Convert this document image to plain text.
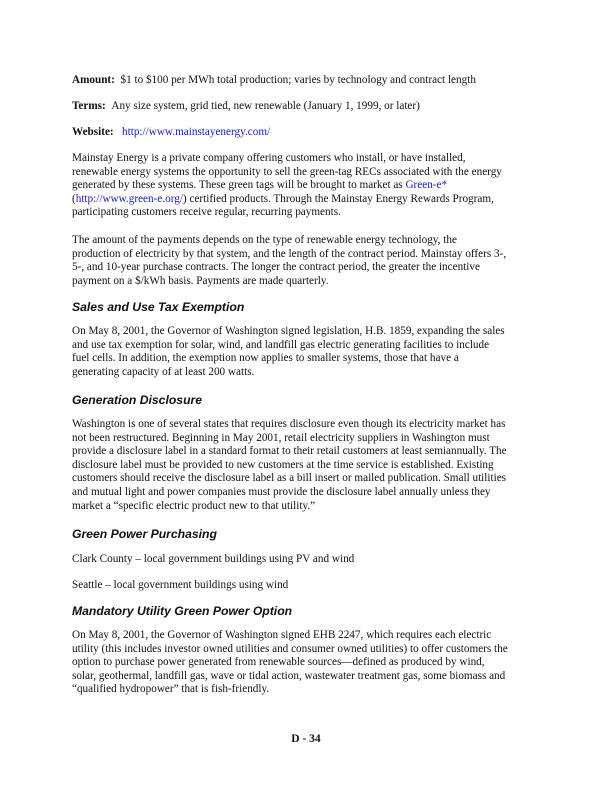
Amount: $1 to $100 per MWh total production; varies by technology and contract length
Terms: Any size system, grid tied, new renewable (January 1, 1999, or later)
Website: http://www.mainstayenergy.com/
Mainstay Energy is a private company offering customers who install, or have installed,
renewable energy systems the opportunity to sell the green-tag RECs associated with the energy
generated by these systems. These green tags will be brought to market as Green-e*
(http://www.green-e.org/) certified products. Through the Mainstay Energy Rewards Program,
participating customers receive regular, recurring payments.
The amount of the payments depends on the type of renewable energy technology, the
production of electricity by that system, and the length of the contract period. Mainstay offers 3-,
5-, and 10-year purchase contracts. The longer the contract period, the greater the incentive
payment on a $/kWh basis. Payments are made quarterly.
Sales and Use Tax Exemption
On May 8, 2001, the Governor of Washington signed legislation, H.B. 1859, expanding the sales
and use tax exemption for solar, wind, and landfill gas electric generating facilities to include
fuel cells. In addition, the exemption now applies to smaller systems, those that have a
generating capacity of at least 200 watts.
Generation Disclosure
Washington is one of several states that requires disclosure even though its electricity market has
not been restructured. Beginning in May 2001, retail electricity suppliers in Washington must
provide a disclosure label in a standard format to their retail customers at least semiannually. The
disclosure label must be provided to new customers at the time service is established. Existing
customers should receive the disclosure label as a bill insert or mailed publication. Small utilities
and mutual light and power companies must provide the disclosure label annually unless they
market a “specific electric product new to that utility.”
Green Power Purchasing
Clark County – local government buildings using PV and wind
Seattle – local government buildings using wind
Mandatory Utility Green Power Option
On May 8, 2001, the Governor of Washington signed EHB 2247, which requires each electric
utility (this includes investor owned utilities and consumer owned utilities) to offer customers the
option to purchase power generated from renewable sources—defined as produced by wind,
solar, geothermal, landfill gas, wave or tidal action, wastewater treatment gas, some biomass and
“qualified hydropower” that is fish-friendly.
D - 34
